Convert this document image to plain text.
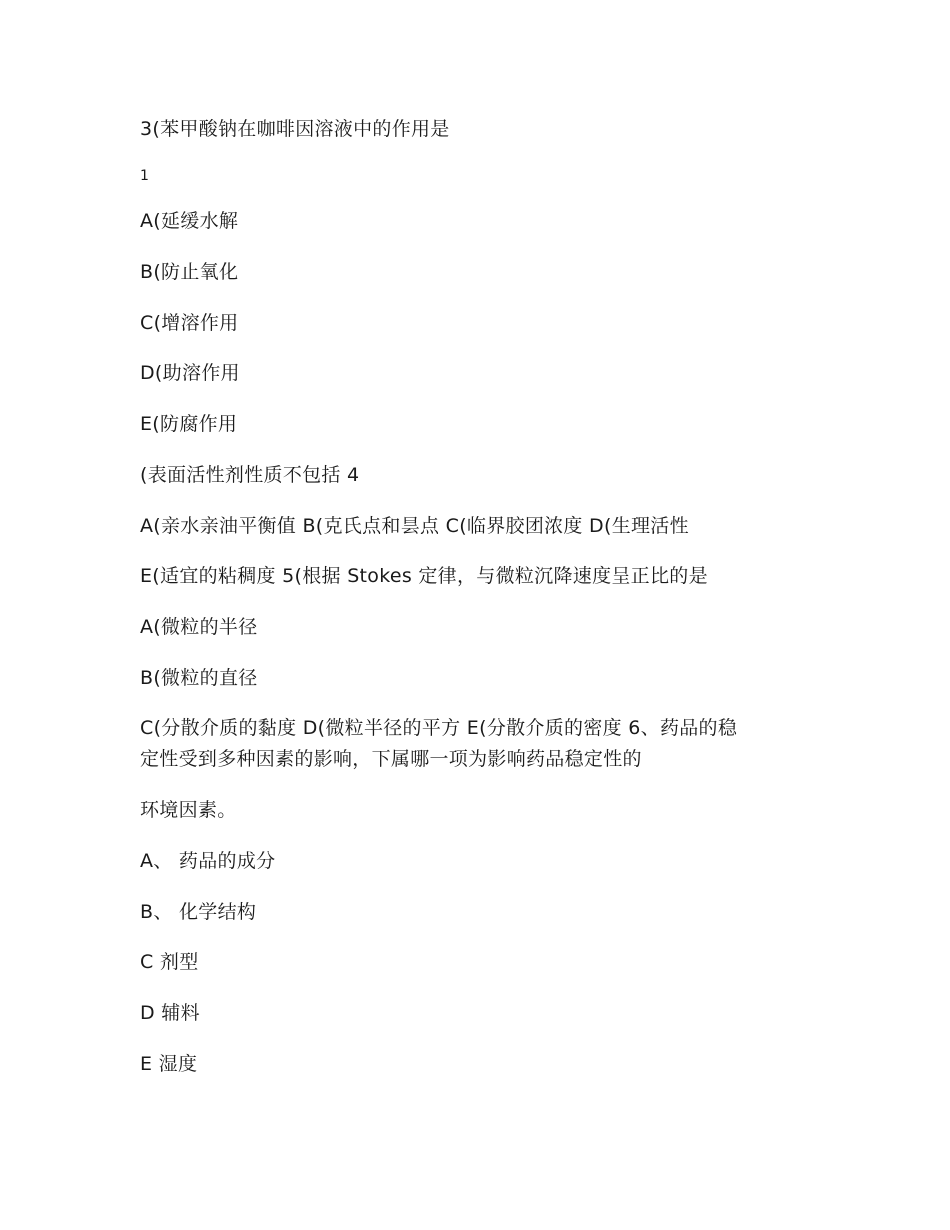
3(苯甲酸钠在咖啡因溶液中的作用是
1
A(延缓水解
B(防止氧化
C(增溶作用
D(助溶作用
E(防腐作用
(表面活性剂性质不包括 4
A(亲水亲油平衡值 B(克氏点和昙点 C(临界胶团浓度 D(生理活性
E(适宜的粘稠度 5(根据 Stokes 定律，与微粒沉降速度呈正比的是
A(微粒的半径
B(微粒的直径
C(分散介质的黏度 D(微粒半径的平方 E(分散介质的密度 6、药品的稳
定性受到多种因素的影响，下属哪一项为影响药品稳定性的
环境因素。
A、 药品的成分
B、 化学结构
C 剂型
D 辅料
E 湿度
